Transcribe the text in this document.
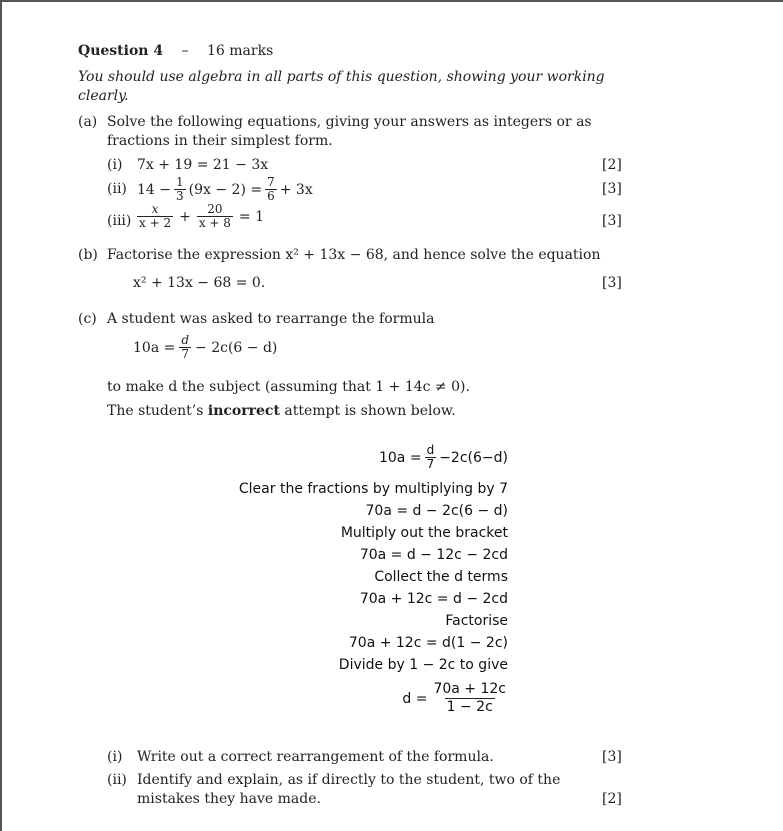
Question 4 – 16 marks
You should use algebra in all parts of this question, showing your working
clearly.
(a) Solve the following equations, giving your answers as integers or as
fractions in their simplest form.
(i) 7x + 19 = 21 − 3x	[2]
(ii) $14 - \frac{1}{3} (9x - 2) = \frac{7}{6} + 3x$	[3]
$(iii) \frac{x}{x + 2} + \frac{20}{x + 8} = 1$	[3]
(b) Factorise the expression x² + 13x − 68, and hence solve the equation
x² + 13x − 68 = 0.	[3]
(c) A student was asked to rearrange the formula
$10a = \frac{d}{7} - 2c(6 - d)$
to make d the subject (assuming that 1 + 14c ≠ 0).
The student’s incorrect attempt is shown below.
$10a = \frac{d}{7} -2c(6-d)$
Clear the fractions by multiplying by 7
70a = d − 2c(6 − d)
Multiply out the bracket
70a = d − 12c − 2cd
Collect the d terms
70a + 12c = d − 2cd
Factorise
70a + 12c = d(1 − 2c)
Divide by 1 − 2c to give
$d = \frac{70a + 12c}{1 - 2c}$
(i) Write out a correct rearrangement of the formula.	[3]
(ii) Identify and explain, as if directly to the student, two of the
mistakes they have made.	[2]
